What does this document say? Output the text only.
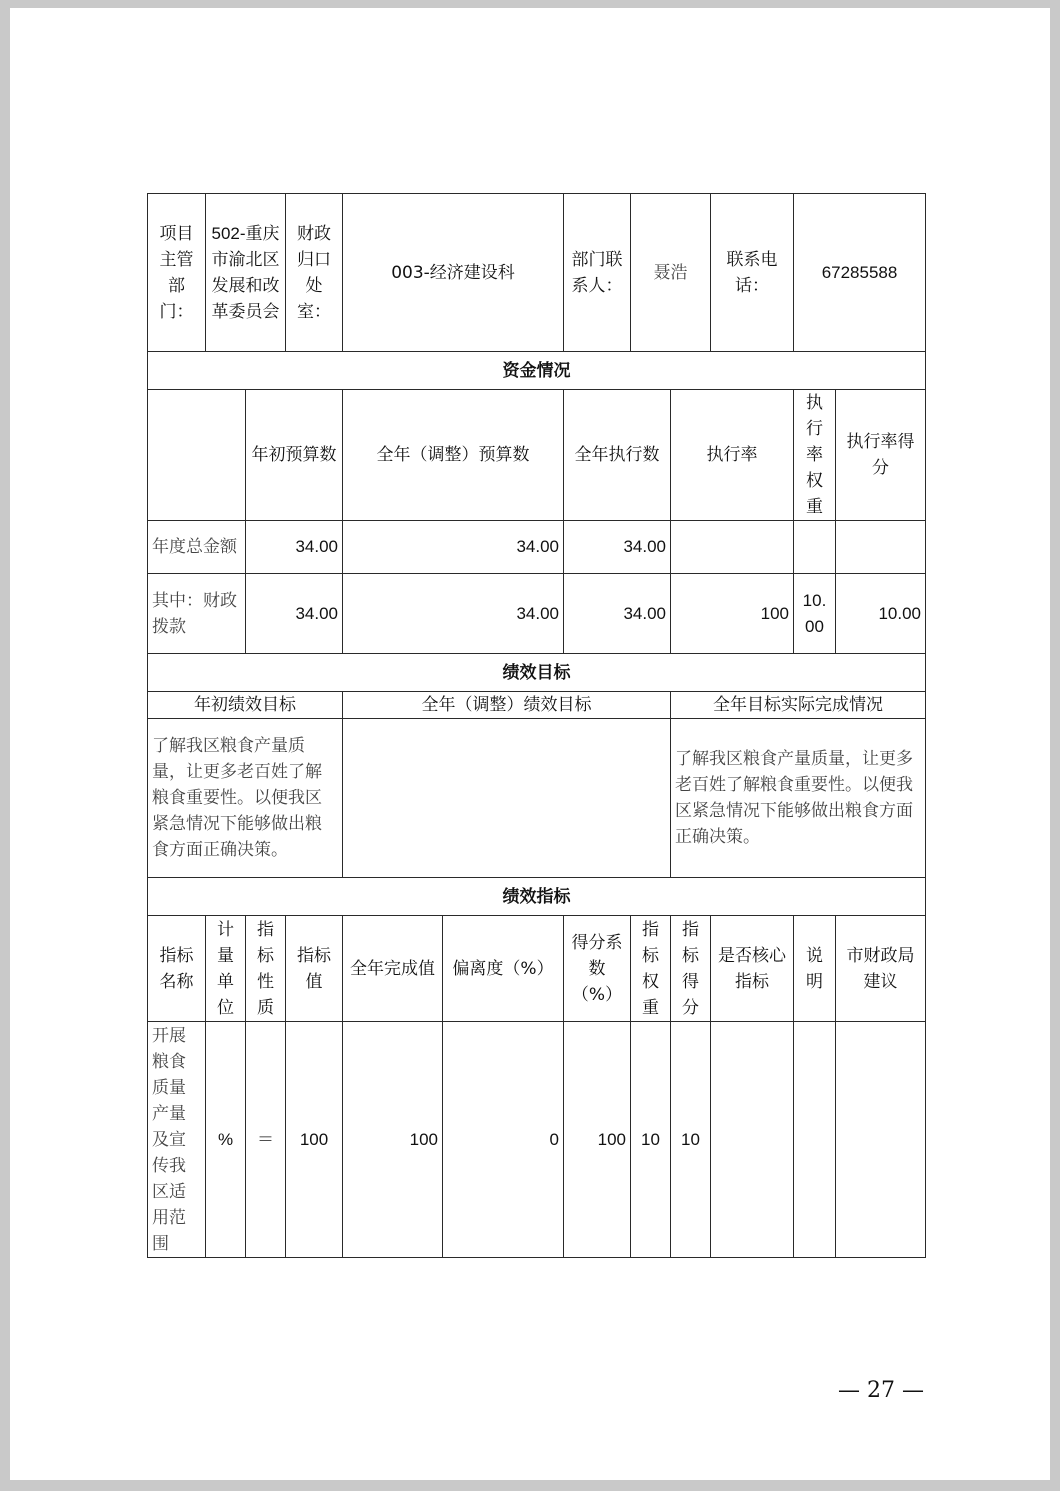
项目主管部门：	502-重庆市渝北区发展和改革委员会		财政归口处室：	003-经济建设科		部门联系人：	聂浩		联系电话：	67285588	
资金情况											
		年初预算数		全年（调整）预算数		全年执行数		执行率		执行率权重	执行率得分
年度总金额		34.00		34.00		34.00					
其中：财政拨款		34.00		34.00		34.00		100		10.00	10.00
绩效目标											
年初绩效目标				全年（调整）绩效目标				全年目标实际完成情况			
了解我区粮食产量质量，让更多老百姓了解粮食重要性。以便我区紧急情况下能够做出粮食方面正确决策。								了解我区粮食产量质量，让更多老百姓了解粮食重要性。以便我区紧急情况下能够做出粮食方面正确决策。			
绩效指标											
指标名称	计量单位	指标性质	指标值	全年完成值	偏离度（%）	得分系数（%）	指标权重	指标得分	是否核心指标	说明	市财政局建议
开展粮食质量产量及宣传我区适用范围	%	＝	100	100	0	100	10	10			
— 27 —
